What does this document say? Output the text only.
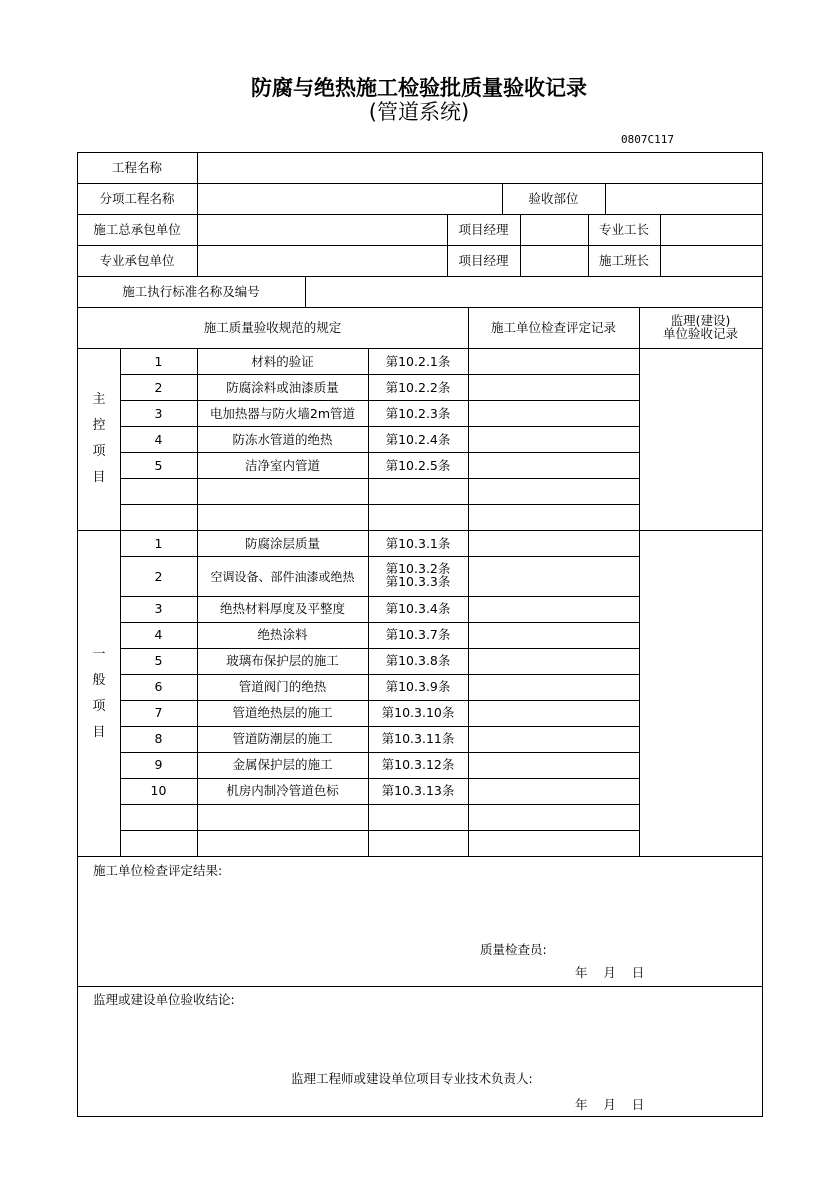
防腐与绝热施工检验批质量验收记录
(管道系统)
0807C117
工程名称
分项工程名称	验收部位
施工总承包单位	项目经理	专业工长
专业承包单位	项目经理	施工班长
施工执行标准名称及编号
施工质量验收规范的规定	施工单位检查评定记录	监理(建设)
单位验收记录
主
控
项
目
1	材料的验证	第10.2.1条
2	防腐涂料或油漆质量	第10.2.2条
3	电加热器与防火墙2m管道	第10.2.3条
4	防冻水管道的绝热	第10.2.4条
5	洁净室内管道	第10.2.5条
一
般
项
目
1	防腐涂层质量	第10.3.1条
2	空调设备、部件油漆或绝热
第10.3.2条
第10.3.3条
3	绝热材料厚度及平整度	第10.3.4条
4	绝热涂料	第10.3.7条
5	玻璃布保护层的施工	第10.3.8条
6	管道阀门的绝热	第10.3.9条
7	管道绝热层的施工	第10.3.10条
8	管道防潮层的施工	第10.3.11条
9	金属保护层的施工	第10.3.12条
10	机房内制冷管道色标	第10.3.13条
施工单位检查评定结果:
质量检查员:
年    月    日
监理或建设单位验收结论:
监理工程师或建设单位项目专业技术负责人:
年    月    日
